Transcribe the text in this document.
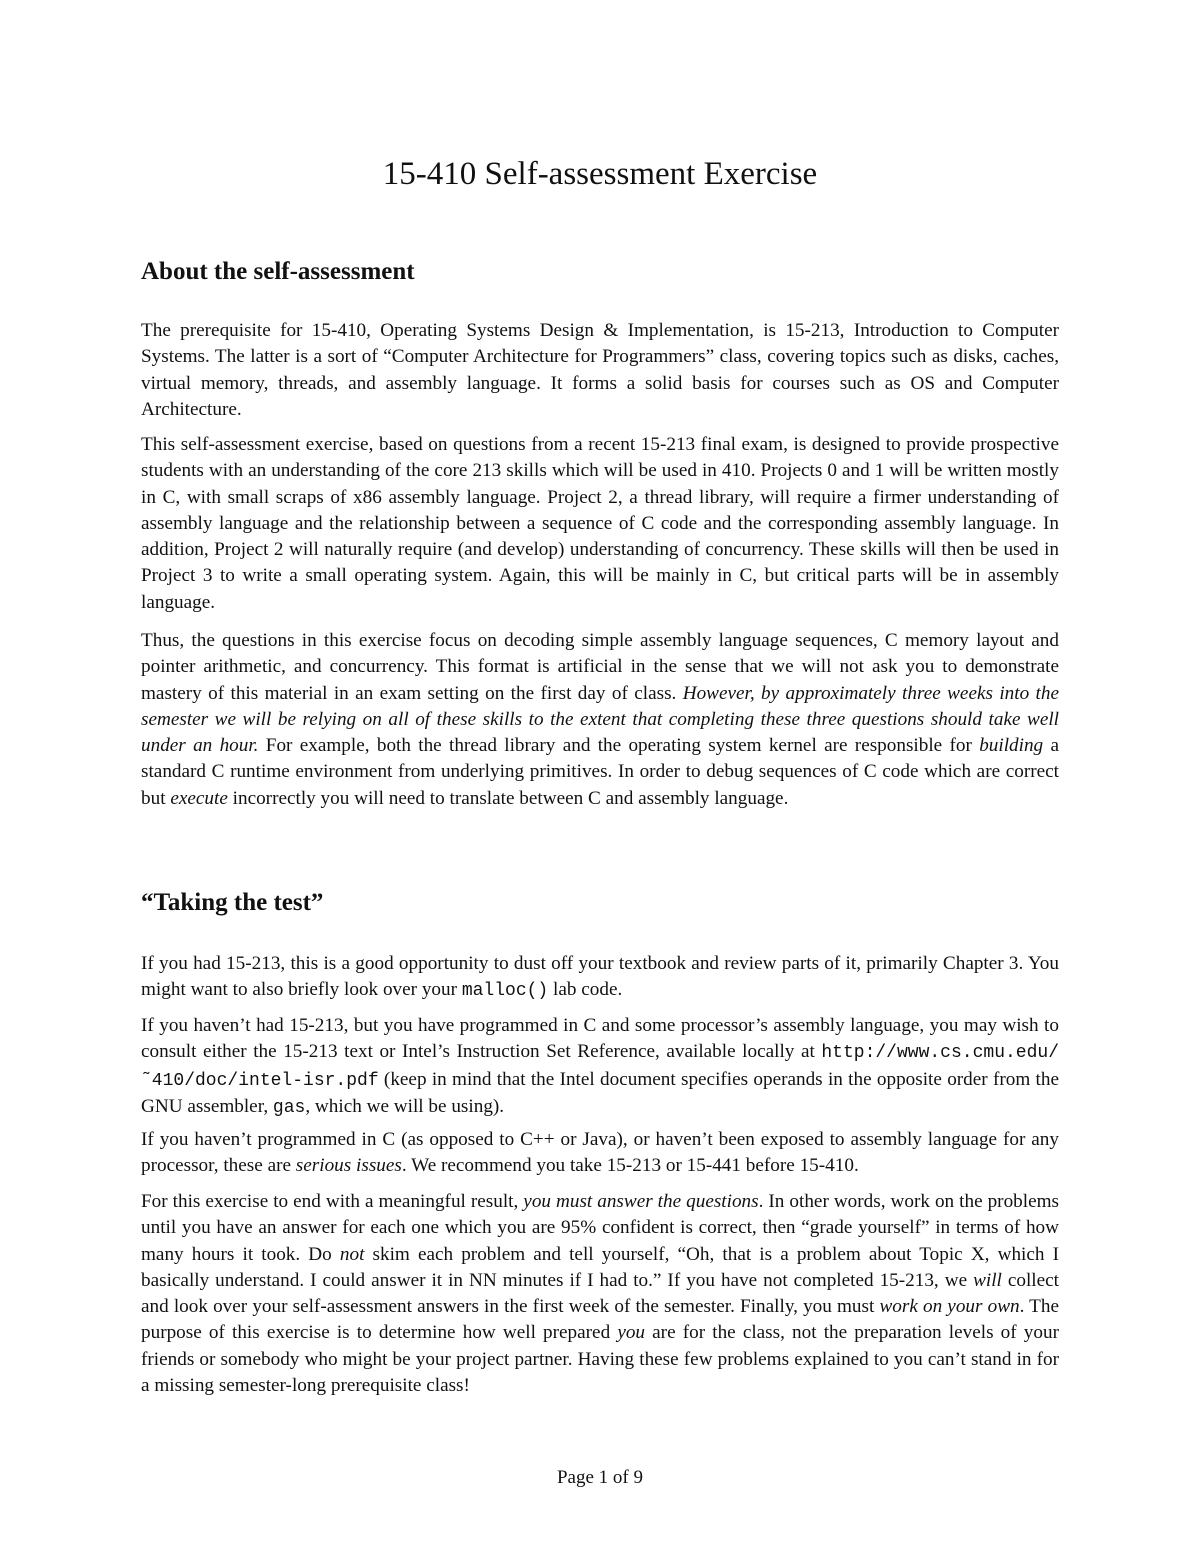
15-410 Self-assessment Exercise
About the self-assessment

The prerequisite for 15-410, Operating Systems Design & Implementation, is 15-213, Introduction to Computer Systems. The latter is a sort of “Computer Architecture for Programmers” class, covering topics such as disks, caches, virtual memory, threads, and assembly language. It forms a solid basis for courses such as OS and Computer Architecture.

This self-assessment exercise, based on questions from a recent 15-213 final exam, is designed to provide prospective students with an understanding of the core 213 skills which will be used in 410. Projects 0 and 1 will be written mostly in C, with small scraps of x86 assembly language. Project 2, a thread library, will require a firmer understanding of assembly language and the relationship between a sequence of C code and the corresponding assembly language. In addition, Project 2 will naturally require (and develop) understanding of concurrency. These skills will then be used in Project 3 to write a small operating system. Again, this will be mainly in C, but critical parts will be in assembly language.

Thus, the questions in this exercise focus on decoding simple assembly language sequences, C memory layout and pointer arithmetic, and concurrency. This format is artificial in the sense that we will not ask you to demonstrate mastery of this material in an exam setting on the first day of class. However, by approximately three weeks into the semester we will be relying on all of these skills to the extent that completing these three questions should take well under an hour. For example, both the thread library and the operating system kernel are responsible for building a standard C runtime environment from underlying primitives. In order to debug sequences of C code which are correct but execute incorrectly you will need to translate between C and assembly language.

“Taking the test”

If you had 15-213, this is a good opportunity to dust off your textbook and review parts of it, primarily Chapter 3. You might want to also briefly look over your malloc() lab code.

If you haven’t had 15-213, but you have programmed in C and some processor’s assembly language, you may wish to consult either the 15-213 text or Intel’s Instruction Set Reference, available locally at http://www.cs.cmu.edu/˜410/doc/intel-isr.pdf (keep in mind that the Intel document specifies operands in the opposite order from the GNU assembler, gas, which we will be using).

If you haven’t programmed in C (as opposed to C++ or Java), or haven’t been exposed to assembly language for any processor, these are serious issues. We recommend you take 15-213 or 15-441 before 15-410.

For this exercise to end with a meaningful result, you must answer the questions. In other words, work on the problems until you have an answer for each one which you are 95% confident is correct, then “grade yourself” in terms of how many hours it took. Do not skim each problem and tell yourself, “Oh, that is a problem about Topic X, which I basically understand. I could answer it in NN minutes if I had to.” If you have not completed 15-213, we will collect and look over your self-assessment answers in the first week of the semester. Finally, you must work on your own. The purpose of this exercise is to determine how well prepared you are for the class, not the preparation levels of your friends or somebody who might be your project partner. Having these few problems explained to you can’t stand in for a missing semester-long prerequisite class!

Page 1 of 9
